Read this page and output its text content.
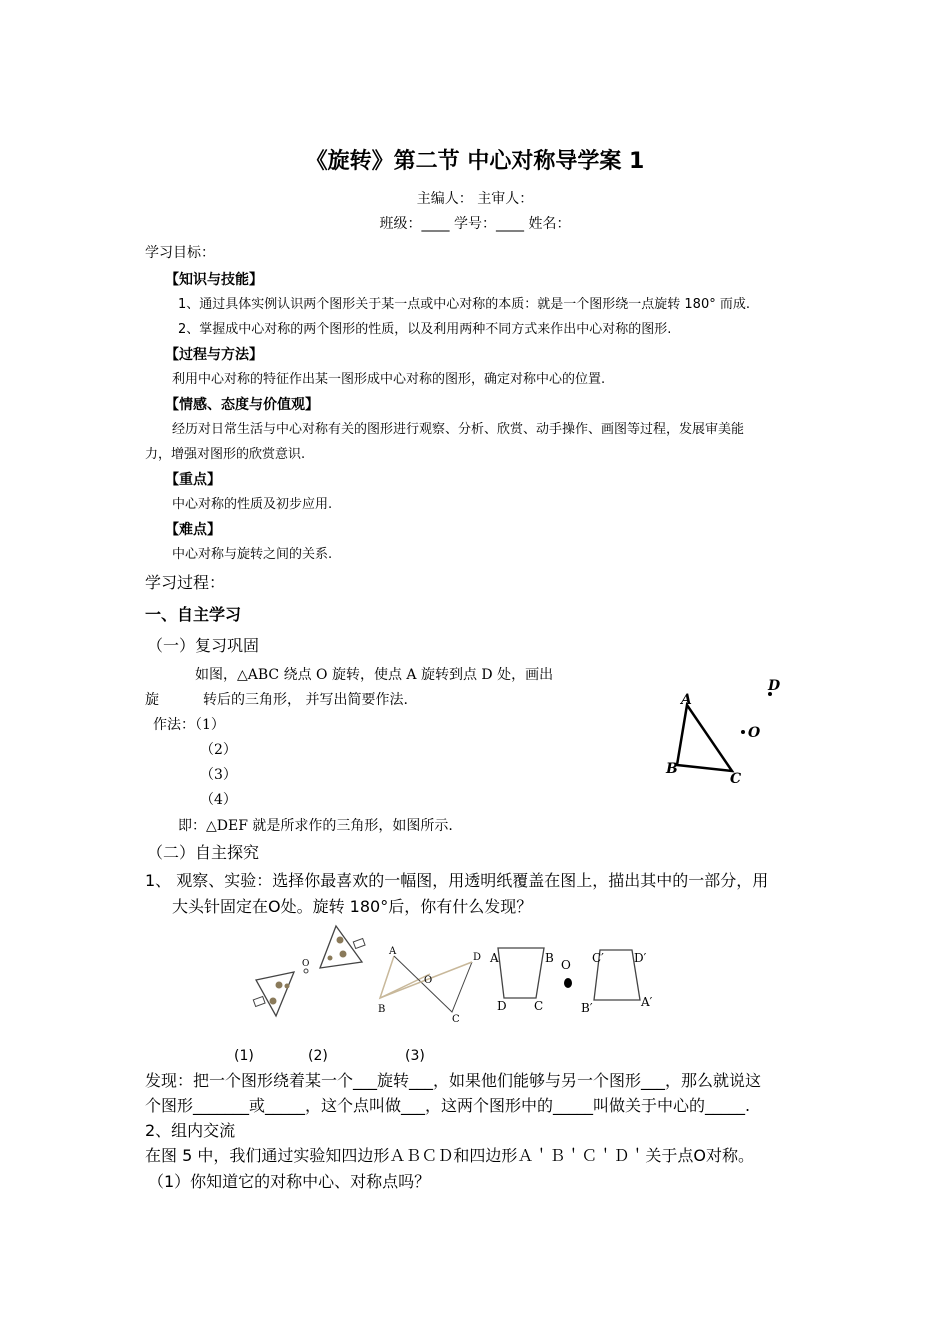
《旋转》第二节 中心对称导学案 1
主编人： 主审人：
班级：____ 学号：____ 姓名：
学习目标：
【知识与技能】
1、通过具体实例认识两个图形关于某一点或中心对称的本质：就是一个图形绕一点旋转 180° 而成.
2、掌握成中心对称的两个图形的性质，以及利用两种不同方式来作出中心对称的图形.
【过程与方法】
利用中心对称的特征作出某一图形成中心对称的图形，确定对称中心的位置.
【情感、态度与价值观】
经历对日常生活与中心对称有关的图形进行观察、分析、欣赏、动手操作、画图等过程，发展审美能
力，增强对图形的欣赏意识.
【重点】
中心对称的性质及初步应用.
【难点】
中心对称与旋转之间的关系.
学习过程：
一、自主学习
（一）复习巩固
如图，△ABC 绕点 O 旋转，使点 A 旋转到点 D 处，画出
旋	转后的三角形， 并写出简要作法.
作法：（1）
（2）
（3）
（4）
即：△DEF 就是所求作的三角形，如图所示.
A
B
C
D
O
（二）自主探究
1、 观察、实验：选择你最喜欢的一幅图，用透明纸覆盖在图上，描出其中的一部分，用
大头针固定在O处。旋转 180°后，你有什么发现？
O
A
B
C
D
O
A	B
C
D
O C′	D′
B′	A′
(1)	(2)	(3)
发现：把一个图形绕着某一个___旋转___，如果他们能够与另一个图形___，那么就说这
个图形_______或_____，这个点叫做___，这两个图形中的_____叫做关于中心的_____.
2、组内交流
在图 5 中，我们通过实验知四边形ＡＢＣＤ和四边形Ａ＇Ｂ＇Ｃ＇Ｄ＇关于点O对称。
（1）你知道它的对称中心、对称点吗？
